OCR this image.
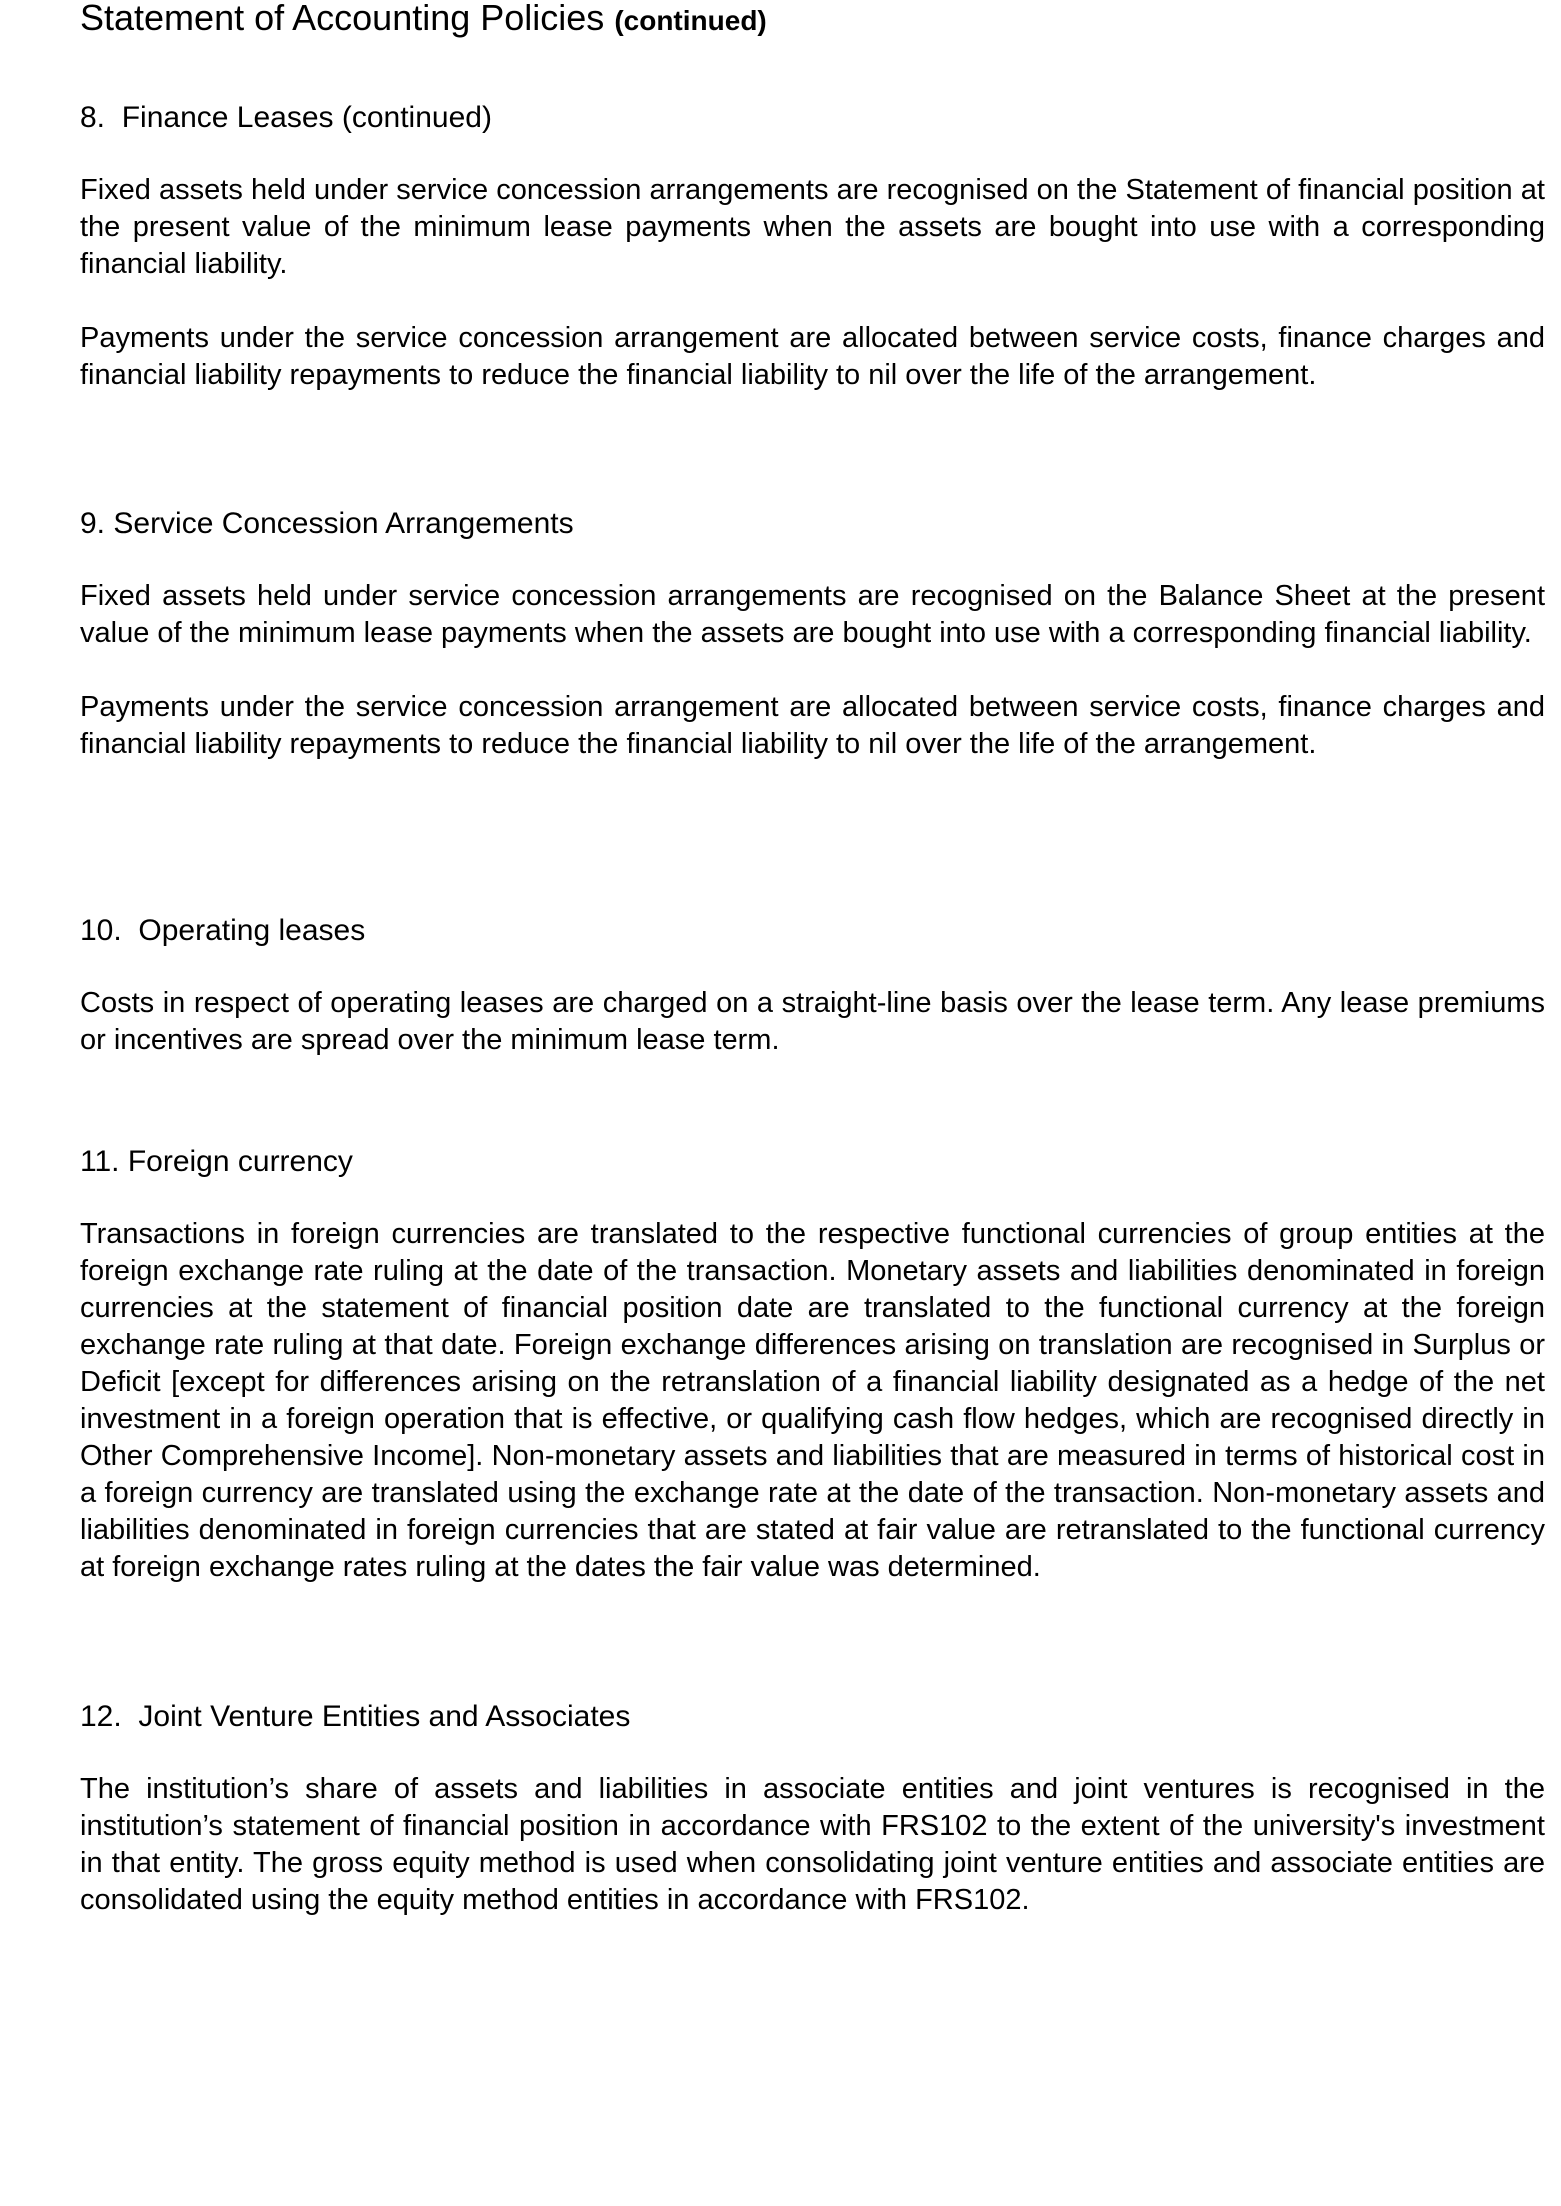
Statement of Accounting Policies (continued)
8. Finance Leases (continued)

Fixed assets held under service concession arrangements are recognised on the Statement of financial position at the present value of the minimum lease payments when the assets are bought into use with a corresponding financial liability.

Payments under the service concession arrangement are allocated between service costs, finance charges and financial liability repayments to reduce the financial liability to nil over the life of the arrangement.

9. Service Concession Arrangements

Fixed assets held under service concession arrangements are recognised on the Balance Sheet at the present value of the minimum lease payments when the assets are bought into use with a corresponding financial liability.

Payments under the service concession arrangement are allocated between service costs, finance charges and financial liability repayments to reduce the financial liability to nil over the life of the arrangement.

10. Operating leases

Costs in respect of operating leases are charged on a straight-line basis over the lease term. Any lease premiums or incentives are spread over the minimum lease term.

11. Foreign currency

Transactions in foreign currencies are translated to the respective functional currencies of group entities at the foreign exchange rate ruling at the date of the transaction. Monetary assets and liabilities denominated in foreign currencies at the statement of financial position date are translated to the functional currency at the foreign exchange rate ruling at that date. Foreign exchange differences arising on translation are recognised in Surplus or Deficit [except for differences arising on the retranslation of a financial liability designated as a hedge of the net investment in a foreign operation that is effective, or qualifying cash flow hedges, which are recognised directly in Other Comprehensive Income]. Non-monetary assets and liabilities that are measured in terms of historical cost in a foreign currency are translated using the exchange rate at the date of the transaction. Non-monetary assets and liabilities denominated in foreign currencies that are stated at fair value are retranslated to the functional currency at foreign exchange rates ruling at the dates the fair value was determined.

12. Joint Venture Entities and Associates

The institution’s share of assets and liabilities in associate entities and joint ventures is recognised in the institution’s statement of financial position in accordance with FRS102 to the extent of the university's investment in that entity. The gross equity method is used when consolidating joint venture entities and associate entities are consolidated using the equity method entities in accordance with FRS102.
